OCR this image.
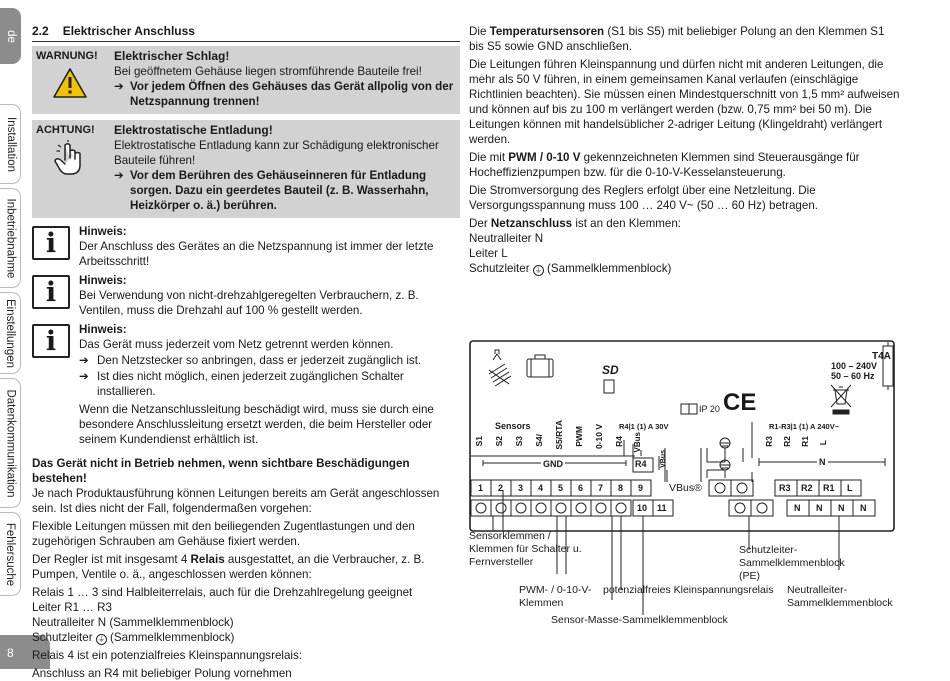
de
Installation
Inbetriebnahme
Einstellungen
Datenkommunikation
Fehlersuche
8
2.2 Elektrischer Anschluss
WARNUNG!	Elektrischer Schlag!
Bei geöffnetem Gehäuse liegen stromführende Bauteile frei!
➔ Vor jedem Öffnen des Gehäuses das Gerät allpolig von der Netzspannung trennen!
ACHTUNG!	Elektrostatische Entladung!
Elektrostatische Entladung kann zur Schädigung elektronischer Bauteile führen!
➔ Vor dem Berühren des Gehäuseinneren für Entladung sorgen. Dazu ein geerdetes Bauteil (z. B. Wasserhahn, Heizkörper o. ä.) berühren.
i	Hinweis:
Der Anschluss des Gerätes an die Netzspannung ist immer der letzte Arbeitsschritt!
i	Hinweis:
Bei Verwendung von nicht-drehzahlgeregelten Verbrauchern, z. B. Ventilen, muss die Drehzahl auf 100 % gestellt werden.
i	Hinweis:
Das Gerät muss jederzeit vom Netz getrennt werden können.
➔ Den Netzstecker so anbringen, dass er jederzeit zugänglich ist.
➔ Ist dies nicht möglich, einen jederzeit zugänglichen Schalter installieren.
Wenn die Netzanschlussleitung beschädigt wird, muss sie durch eine besondere Anschlussleitung ersetzt werden, die beim Hersteller oder seinem Kundendienst erhältlich ist.
Das Gerät nicht in Betrieb nehmen, wenn sichtbare Beschädigungen bestehen!
Je nach Produktausführung können Leitungen bereits am Gerät angeschlossen sein. Ist dies nicht der Fall, folgendermaßen vorgehen:
Flexible Leitungen müssen mit den beiliegenden Zugentlastungen und den zugehörigen Schrauben am Gehäuse fixiert werden.
Der Regler ist mit insgesamt 4 Relais ausgestattet, an die Verbraucher, z. B. Pumpen, Ventile o. ä., angeschlossen werden können:
Relais 1 … 3 sind Halbleiterrelais, auch für die Drehzahlregelung geeignet
Leiter R1 … R3
Neutralleiter N (Sammelklemmenblock)
Schutzleiter ⏚ (Sammelklemmenblock)
Relais 4 ist ein potenzialfreies Kleinspannungsrelais:
Anschluss an R4 mit beliebiger Polung vornehmen
Die Temperatursensoren (S1 bis S5) mit beliebiger Polung an den Klemmen S1 bis S5 sowie GND anschließen.
Die Leitungen führen Kleinspannung und dürfen nicht mit anderen Leitungen, die mehr als 50 V führen, in einem gemeinsamen Kanal verlaufen (einschlägige Richtlinien beachten). Sie müssen einen Mindestquerschnitt von 1,5 mm² aufweisen und können auf bis zu 100 m verlängert werden (bzw. 0,75 mm² bei 50 m). Die Leitungen können mit handelsüblicher 2-adriger Leitung (Klingeldraht) verlängert werden.
Die mit PWM / 0-10 V gekennzeichneten Klemmen sind Steuerausgänge für Hocheffizienzpumpen bzw. für die 0-10-V-Kesselansteuerung.
Die Stromversorgung des Reglers erfolgt über eine Netzleitung. Die Versorgungsspannung muss 100 … 240 V~ (50 … 60 Hz) betragen.
Der Netzanschluss ist an den Klemmen:
Neutralleiter N
Leiter L
Schutzleiter ⏚ (Sammelklemmenblock)
T4A
100 – 240V
50 – 60 Hz
SD
IP 20 CE
Sensors	R4|1 (1) A 30V	R1-R3|1 (1) A 240V~
S1 S2 S3 S4/ S5/RTA PWM 0-10 V R4 VBus	R3 R2 R1 L
GND	N
R4	VBus
1 2 3 4 5 6 7 8 9
10 11
R3 R2 R1 L
N N N N
Sensorklemmen / Klemmen für Schalter u. Fernversteller
VBus®
Schutzleiter-Sammelklemmenblock (PE)
PWM- / 0-10-V-Klemmen
potenzialfreies Kleinspannungsrelais Neutralleiter-Sammelklemmenblock
Sensor-Masse-Sammelklemmenblock
